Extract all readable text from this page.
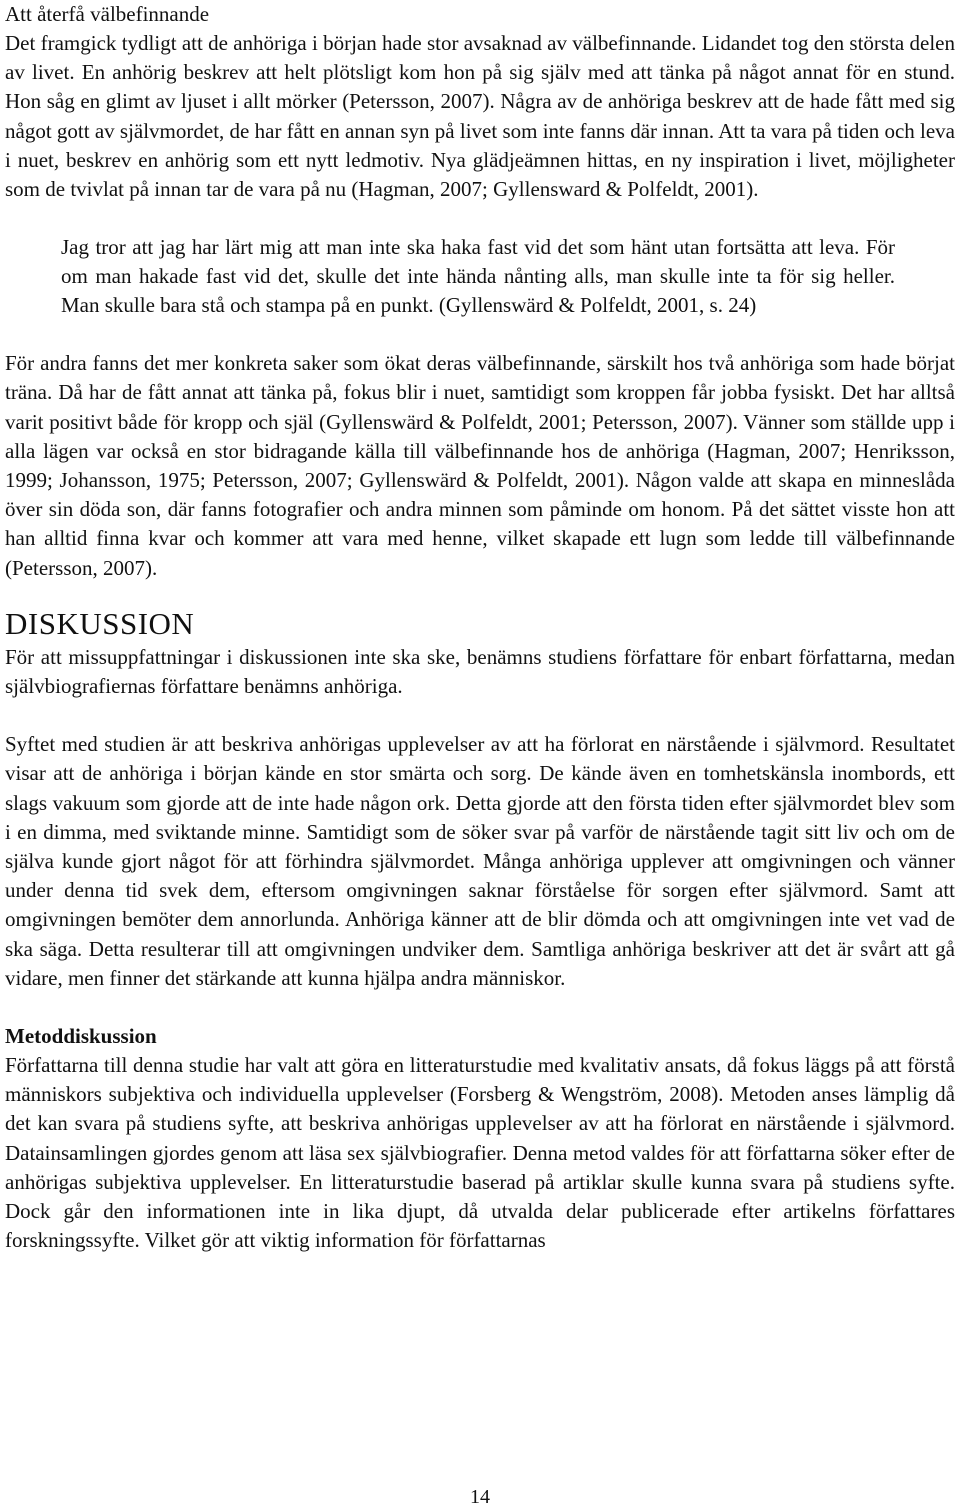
Att återfå välbefinnande

Det framgick tydligt att de anhöriga i början hade stor avsaknad av välbefinnande. Lidandet tog den största delen av livet. En anhörig beskrev att helt plötsligt kom hon på sig själv med att tänka på något annat för en stund. Hon såg en glimt av ljuset i allt mörker (Petersson, 2007). Några av de anhöriga beskrev att de hade fått med sig något gott av självmordet, de har fått en annan syn på livet som inte fanns där innan. Att ta vara på tiden och leva i nuet, beskrev en anhörig som ett nytt ledmotiv. Nya glädjeämnen hittas, en ny inspiration i livet, möjligheter som de tvivlat på innan tar de vara på nu (Hagman, 2007; Gyllensward & Polfeldt, 2001).

Jag tror att jag har lärt mig att man inte ska haka fast vid det som hänt utan fortsätta att leva. För om man hakade fast vid det, skulle det inte hända nånting alls, man skulle inte ta för sig heller. Man skulle bara stå och stampa på en punkt. (Gyllenswärd & Polfeldt, 2001, s. 24)

För andra fanns det mer konkreta saker som ökat deras välbefinnande, särskilt hos två anhöriga som hade börjat träna. Då har de fått annat att tänka på, fokus blir i nuet, samtidigt som kroppen får jobba fysiskt. Det har alltså varit positivt både för kropp och själ (Gyllenswärd & Polfeldt, 2001; Petersson, 2007). Vänner som ställde upp i alla lägen var också en stor bidragande källa till välbefinnande hos de anhöriga (Hagman, 2007; Henriksson, 1999; Johansson, 1975; Petersson, 2007; Gyllenswärd & Polfeldt, 2001). Någon valde att skapa en minneslåda över sin döda son, där fanns fotografier och andra minnen som påminde om honom. På det sättet visste hon att han alltid finna kvar och kommer att vara med henne, vilket skapade ett lugn som ledde till välbefinnande (Petersson, 2007).

DISKUSSION

För att missuppfattningar i diskussionen inte ska ske, benämns studiens författare för enbart författarna, medan självbiografiernas författare benämns anhöriga.

Syftet med studien är att beskriva anhörigas upplevelser av att ha förlorat en närstående i självmord. Resultatet visar att de anhöriga i början kände en stor smärta och sorg. De kände även en tomhetskänsla inombords, ett slags vakuum som gjorde att de inte hade någon ork. Detta gjorde att den första tiden efter självmordet blev som i en dimma, med sviktande minne. Samtidigt som de söker svar på varför de närstående tagit sitt liv och om de själva kunde gjort något för att förhindra självmordet. Många anhöriga upplever att omgivningen och vänner under denna tid svek dem, eftersom omgivningen saknar förståelse för sorgen efter självmord. Samt att omgivningen bemöter dem annorlunda. Anhöriga känner att de blir dömda och att omgivningen inte vet vad de ska säga. Detta resulterar till att omgivningen undviker dem. Samtliga anhöriga beskriver att det är svårt att gå vidare, men finner det stärkande att kunna hjälpa andra människor.

Metoddiskussion

Författarna till denna studie har valt att göra en litteraturstudie med kvalitativ ansats, då fokus läggs på att förstå människors subjektiva och individuella upplevelser (Forsberg & Wengström, 2008). Metoden anses lämplig då det kan svara på studiens syfte, att beskriva anhörigas upplevelser av att ha förlorat en närstående i självmord. Datainsamlingen gjordes genom att läsa sex självbiografier. Denna metod valdes för att författarna söker efter de anhörigas subjektiva upplevelser. En litteraturstudie baserad på artiklar skulle kunna svara på studiens syfte. Dock går den informationen inte in lika djupt, då utvalda delar publicerade efter artikelns författares forskningssyfte. Vilket gör att viktig information för författarnas

14
